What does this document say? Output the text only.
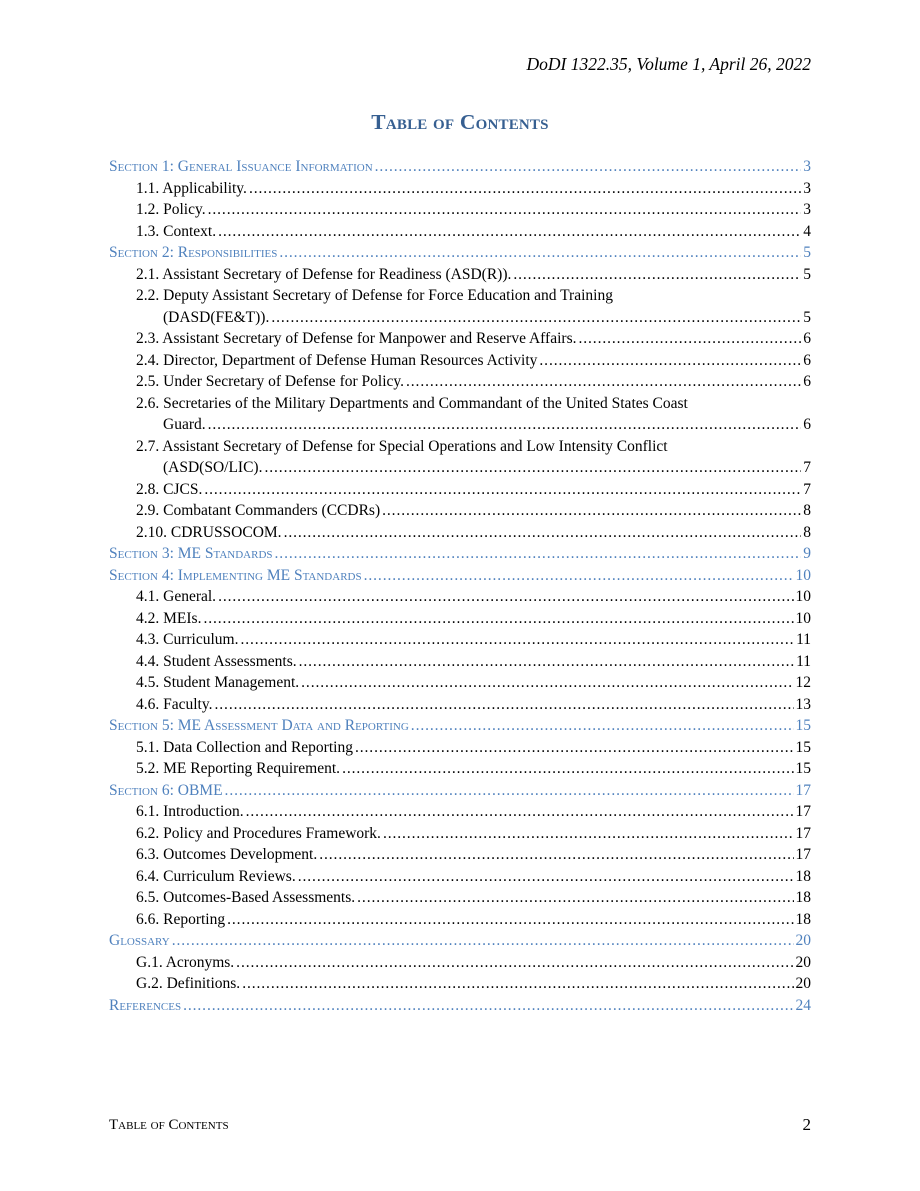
DoDI 1322.35, Volume 1, April 26, 2022
Table of Contents
Section 1: General Issuance Information .....	3
1.1. Applicability. .....	3
1.2. Policy. .....	3
1.3. Context. .....	4
Section 2: Responsibilities .....	5
2.1. Assistant Secretary of Defense for Readiness (ASD(R)). .....	5
2.2. Deputy Assistant Secretary of Defense for Force Education and Training
(DASD(FE&T)). .....	5
2.3. Assistant Secretary of Defense for Manpower and Reserve Affairs. .....	6
2.4. Director, Department of Defense Human Resources Activity .....	6
2.5. Under Secretary of Defense for Policy. .....	6
2.6. Secretaries of the Military Departments and Commandant of the United States Coast
Guard. .....	6
2.7. Assistant Secretary of Defense for Special Operations and Low Intensity Conflict
(ASD(SO/LIC). .....	7
2.8. CJCS. .....	7
2.9. Combatant Commanders (CCDRs) .....	8
2.10. CDRUSSOCOM. .....	8
Section 3: ME Standards .....	9
Section 4: Implementing ME Standards .....	10
4.1. General. .....	10
4.2. MEIs. .....	10
4.3. Curriculum. .....	11
4.4. Student Assessments. .....	11
4.5. Student Management. .....	12
4.6. Faculty. .....	13
Section 5: ME Assessment Data and Reporting .....	15
5.1. Data Collection and Reporting .....	15
5.2. ME Reporting Requirement. .....	15
Section 6: OBME .....	17
6.1. Introduction. .....	17
6.2. Policy and Procedures Framework. .....	17
6.3. Outcomes Development. .....	17
6.4. Curriculum Reviews. .....	18
6.5. Outcomes-Based Assessments. .....	18
6.6. Reporting .....	18
Glossary .....	20
G.1. Acronyms. .....	20
G.2. Definitions. .....	20
References .....	24
Table of Contents	2
